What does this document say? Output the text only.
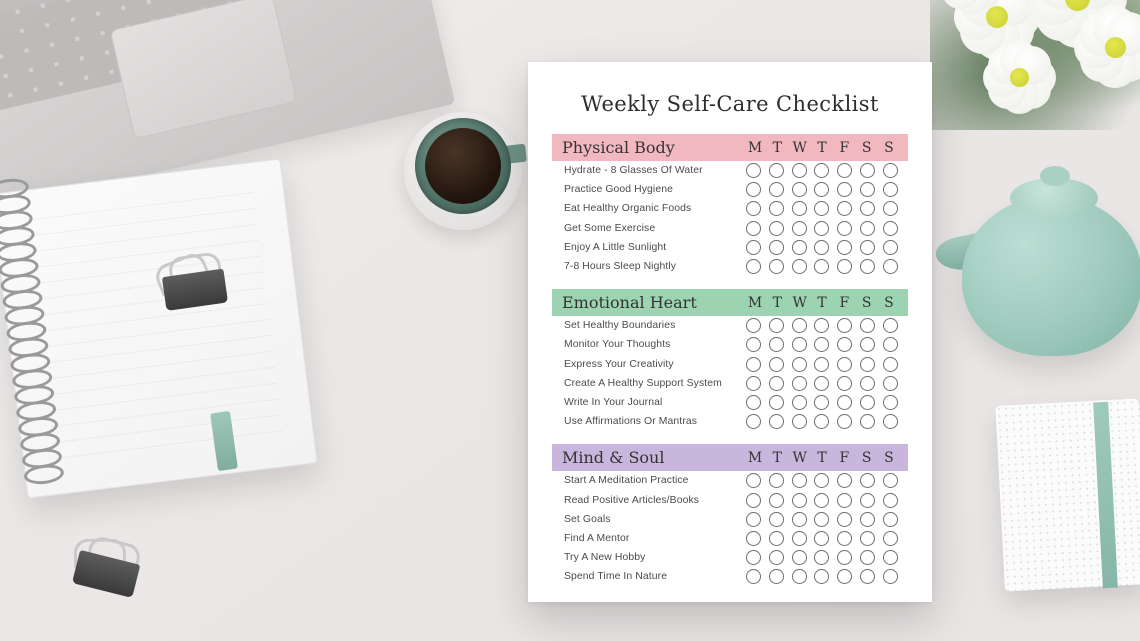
Weekly Self-Care Checklist
Physical Body	M T W T F S S
Hydrate - 8 Glasses Of Water
Practice Good Hygiene
Eat Healthy Organic Foods
Get Some Exercise
Enjoy A Little Sunlight
7-8 Hours Sleep Nightly
Emotional Heart	M T W T F S S
Set Healthy Boundaries
Monitor Your Thoughts
Express Your Creativity
Create A Healthy Support System
Write In Your Journal
Use Affirmations Or Mantras
Mind & Soul	M T W T F S S
Start A Meditation Practice
Read Positive Articles/Books
Set Goals
Find A Mentor
Try A New Hobby
Spend Time In Nature
